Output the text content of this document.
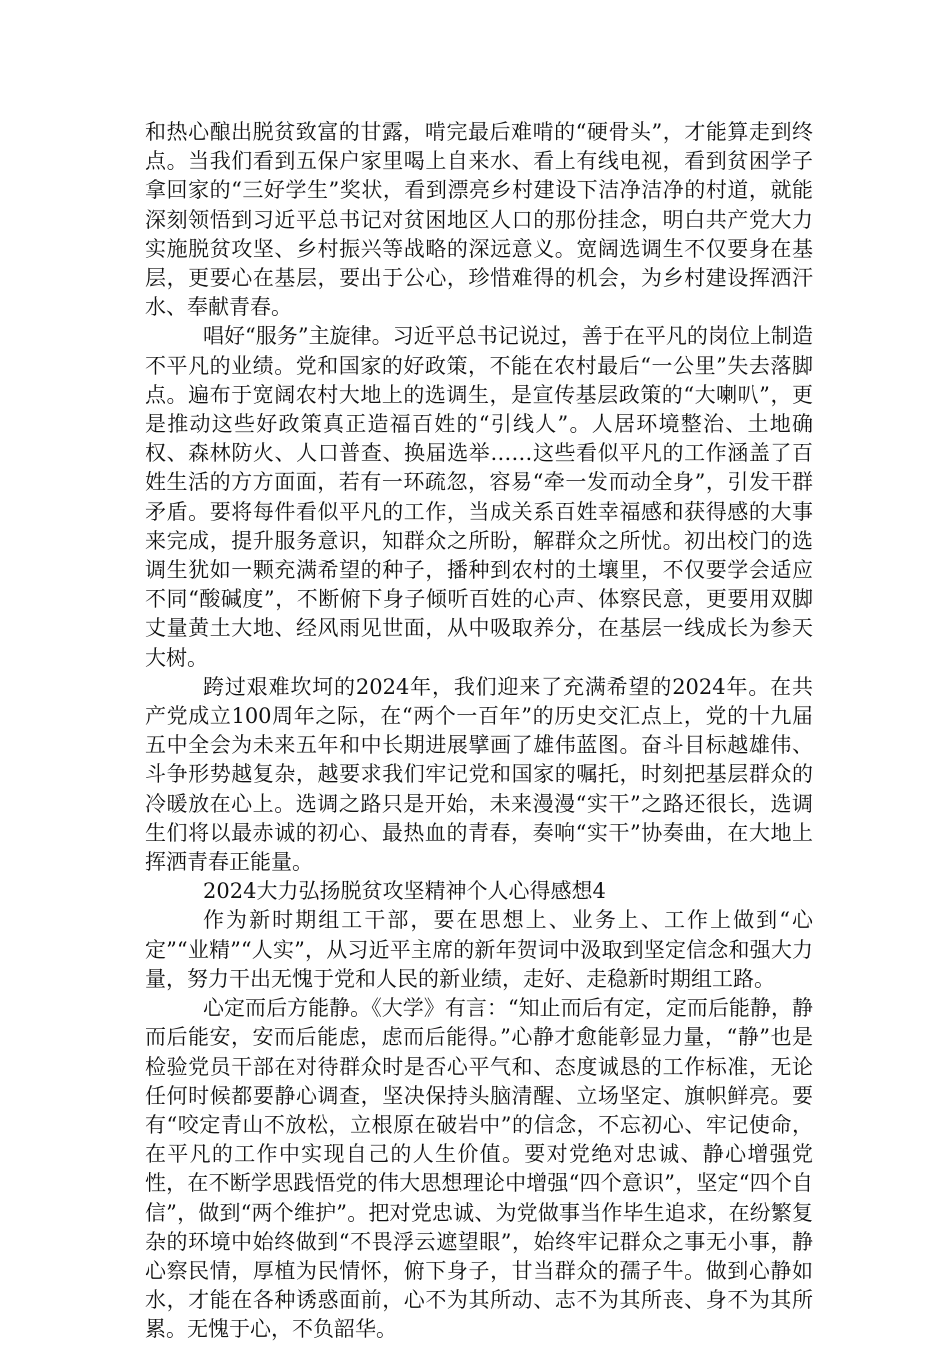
和热心酿出脱贫致富的甘露，啃完最后难啃的“硬骨头”，才能算走到终点。当我们看到五保户家里喝上自来水、看上有线电视，看到贫困学子拿回家的“三好学生”奖状，看到漂亮乡村建设下洁净洁净的村道，就能深刻领悟到习近平总书记对贫困地区人口的那份挂念，明白共产党大力实施脱贫攻坚、乡村振兴等战略的深远意义。宽阔选调生不仅要身在基层，更要心在基层，要出于公心，珍惜难得的机会，为乡村建设挥洒汗水、奉献青春。

唱好“服务”主旋律。习近平总书记说过，善于在平凡的岗位上制造不平凡的业绩。党和国家的好政策，不能在农村最后“一公里”失去落脚点。遍布于宽阔农村大地上的选调生，是宣传基层政策的“大喇叭”，更是推动这些好政策真正造福百姓的“引线人”。人居环境整治、土地确权、森林防火、人口普查、换届选举……这些看似平凡的工作涵盖了百姓生活的方方面面，若有一环疏忽，容易“牵一发而动全身”，引发干群矛盾。要将每件看似平凡的工作，当成关系百姓幸福感和获得感的大事来完成，提升服务意识，知群众之所盼，解群众之所忧。初出校门的选调生犹如一颗充满希望的种子，播种到农村的土壤里，不仅要学会适应不同“酸碱度”，不断俯下身子倾听百姓的心声、体察民意，更要用双脚丈量黄土大地、经风雨见世面，从中吸取养分，在基层一线成长为参天大树。

跨过艰难坎坷的2024年，我们迎来了充满希望的2024年。在共产党成立100周年之际，在“两个一百年”的历史交汇点上，党的十九届五中全会为未来五年和中长期进展擘画了雄伟蓝图。奋斗目标越雄伟、斗争形势越复杂，越要求我们牢记党和国家的嘱托，时刻把基层群众的冷暖放在心上。选调之路只是开始，未来漫漫“实干”之路还很长，选调生们将以最赤诚的初心、最热血的青春，奏响“实干”协奏曲，在大地上挥洒青春正能量。

2024大力弘扬脱贫攻坚精神个人心得感想4

作为新时期组工干部，要在思想上、业务上、工作上做到“心定”“业精”“人实”，从习近平主席的新年贺词中汲取到坚定信念和强大力量，努力干出无愧于党和人民的新业绩，走好、走稳新时期组工路。

心定而后方能静。《大学》有言：“知止而后有定，定而后能静，静而后能安，安而后能虑，虑而后能得。”心静才愈能彰显力量，“静”也是检验党员干部在对待群众时是否心平气和、态度诚恳的工作标准，无论任何时候都要静心调查，坚决保持头脑清醒、立场坚定、旗帜鲜亮。要有“咬定青山不放松，立根原在破岩中”的信念，不忘初心、牢记使命，在平凡的工作中实现自己的人生价值。要对党绝对忠诚、静心增强党性，在不断学思践悟党的伟大思想理论中增强“四个意识”，坚定“四个自信”，做到“两个维护”。把对党忠诚、为党做事当作毕生追求，在纷繁复杂的环境中始终做到“不畏浮云遮望眼”，始终牢记群众之事无小事，静心察民情，厚植为民情怀，俯下身子，甘当群众的孺子牛。做到心静如水，才能在各种诱惑面前，心不为其所动、志不为其所丧、身不为其所累。无愧于心，不负韶华。
